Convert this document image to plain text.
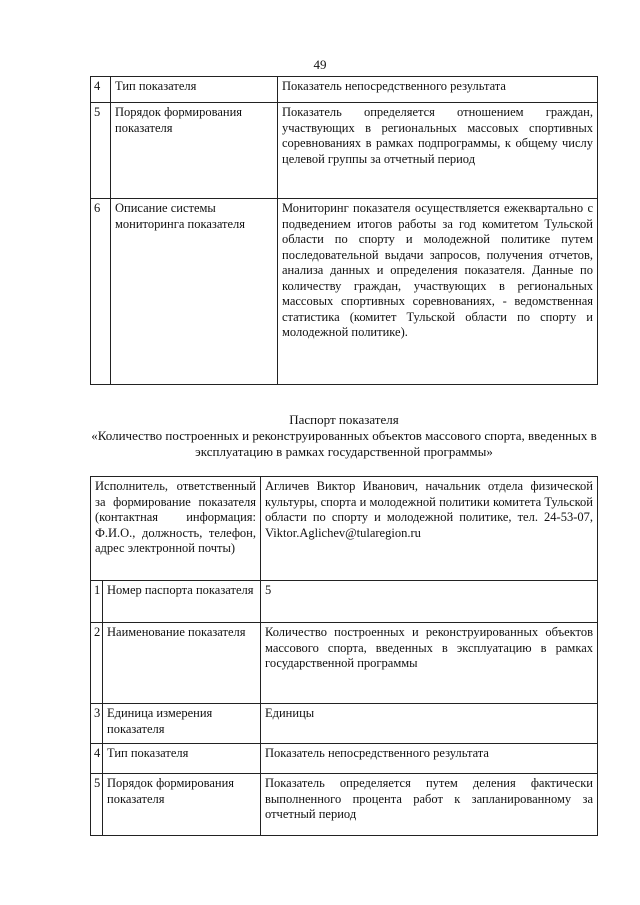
49
4	Тип показателя	Показатель непосредственного результата
5	Порядок формирования показателя	Показатель определяется отношением граждан, участвующих в региональных массовых спортивных соревнованиях в рамках подпрограммы, к общему числу целевой группы за отчетный период
6	Описание системы мониторинга показателя	Мониторинг показателя осуществляется ежеквартально с подведением итогов работы за год комитетом Тульской области по спорту и молодежной политике путем последовательной выдачи запросов, получения отчетов, анализа данных и определения показателя. Данные по количеству граждан, участвующих в региональных массовых спортивных соревнованиях, - ведомственная статистика (комитет Тульской области по спорту и молодежной политике).
Паспорт показателя
«Количество построенных и реконструированных объектов массового спорта, введенных в эксплуатацию в рамках государственной программы»

Исполнитель, ответственный за формирование показателя (контактная информация: Ф.И.О., должность, телефон, адрес электронной почты)		Агличев Виктор Иванович, начальник отдела физической культуры, спорта и молодежной политики комитета Тульской области по спорту и молодежной политике, тел. 24-53-07, Viktor.Aglichev@tularegion.ru
1	Номер паспорта показателя	5
2	Наименование показателя	Количество построенных и реконструированных объектов массового спорта, введенных в эксплуатацию в рамках государственной программы
3	Единица измерения показателя	Единицы
4	Тип показателя	Показатель непосредственного результата
5	Порядок формирования показателя	Показатель определяется путем деления фактически выполненного процента работ к запланированному за отчетный период
